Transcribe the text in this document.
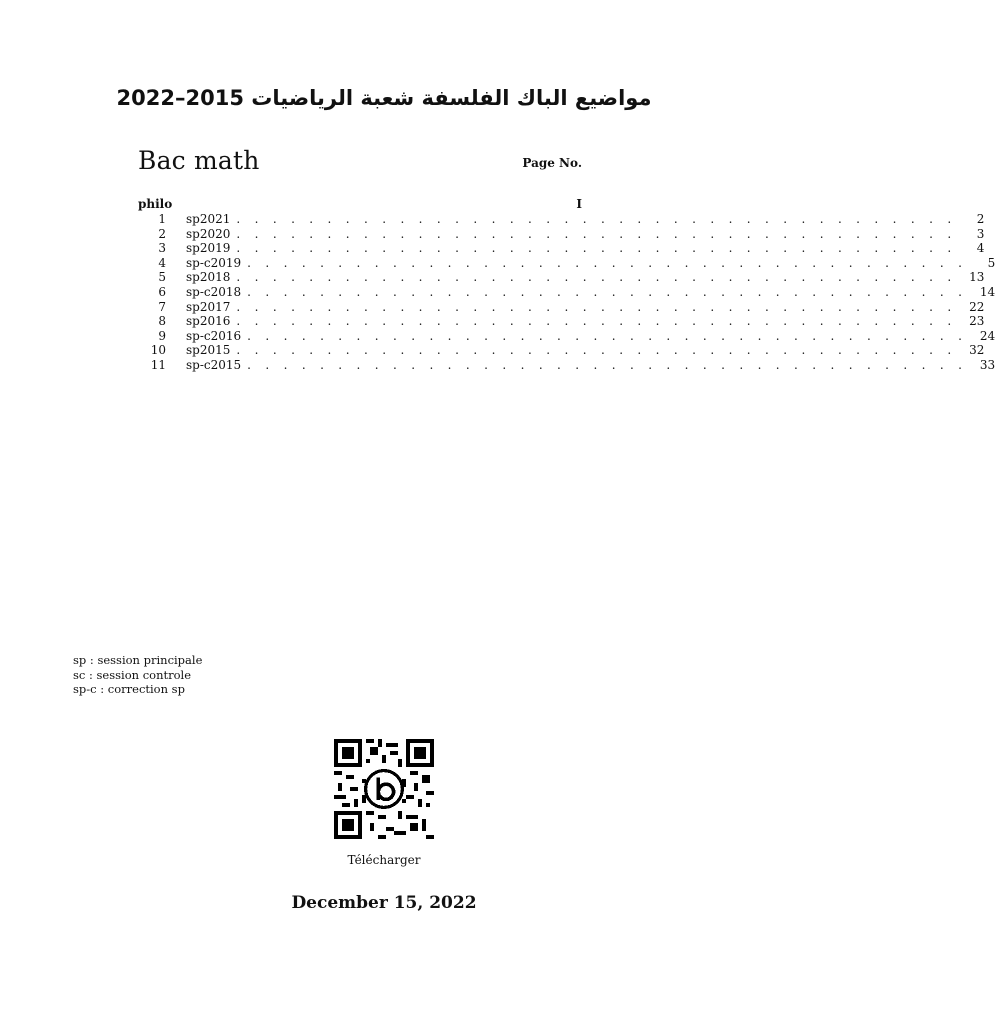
مواضيع الباك الفلسفة شعبة الرياضيات 2015–2022
Bac math	Page No.
philo	I
1 sp2021 . . . . . . . . . . . . . . . . . . . . . . . . . . . . . . . . . . . . . . . .	2
2 sp2020 . . . . . . . . . . . . . . . . . . . . . . . . . . . . . . . . . . . . . . . .	3
3 sp2019 . . . . . . . . . . . . . . . . . . . . . . . . . . . . . . . . . . . . . . . .	4
4 sp-c2019 . . . . . . . . . . . . . . . . . . . . . . . . . . . . . . . . . . . . . . . .	5
5 sp2018 . . . . . . . . . . . . . . . . . . . . . . . . . . . . . . . . . . . . . . . .	13
6 sp-c2018 . . . . . . . . . . . . . . . . . . . . . . . . . . . . . . . . . . . . . . . .	14
7 sp2017 . . . . . . . . . . . . . . . . . . . . . . . . . . . . . . . . . . . . . . . .	22
8 sp2016 . . . . . . . . . . . . . . . . . . . . . . . . . . . . . . . . . . . . . . . .	23
9 sp-c2016 . . . . . . . . . . . . . . . . . . . . . . . . . . . . . . . . . . . . . . . .	24
10 sp2015 . . . . . . . . . . . . . . . . . . . . . . . . . . . . . . . . . . . . . . . .	32
11 sp-c2015 . . . . . . . . . . . . . . . . . . . . . . . . . . . . . . . . . . . . . . . .	33
sp : session principale
sc : session controle
sp-c : correction sp
Télécharger
December 15, 2022
